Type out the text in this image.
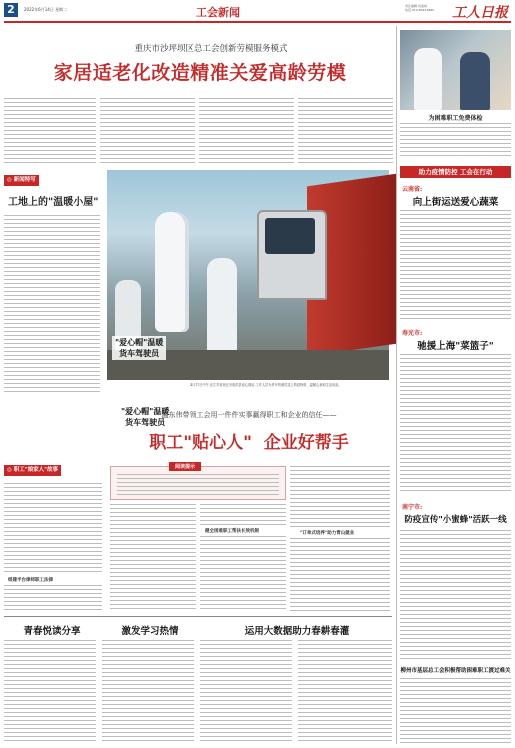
2	2022年6月14日 星期二	工会新闻	责任编辑:何美尚
电话:010-84151685 工人日报
重庆市沙坪坝区总工会创新劳模服务模式
家居适老化改造精准关爱高龄劳模
◎ 新闻特写
工地上的"温暖小屋"
"爱心帽"温暖
货车驾驶员
"爱心帽"温暖
货车驾驶员
4月17日中午,在江苏省宿迁市泗洪县爱心驿站,工作人员为货车驾驶员送上防疫物资、温暖心意和生活用品。
温东伟带领工会用一件件实事赢得职工和企业的信任——
职工"贴心人"  企业好帮手
◎ 职工"娘家人"故事
组建半台律师职工法律
阅读提示
健全困难职工帮扶长效机制	"订单式培养"助力青山就业
青春悦读分享	激发学习热情	运用大数据助力春耕春灌
为困难职工免费体检
助力疫情防控 工会在行动
云南省:
向上街运送爱心蔬菜
寿光市:
驰援上海"菜篮子"
南宁市:
防疫宣传"小蜜蜂"活跃一线
柳州市基层总工会积极帮助困难职工渡过难关
